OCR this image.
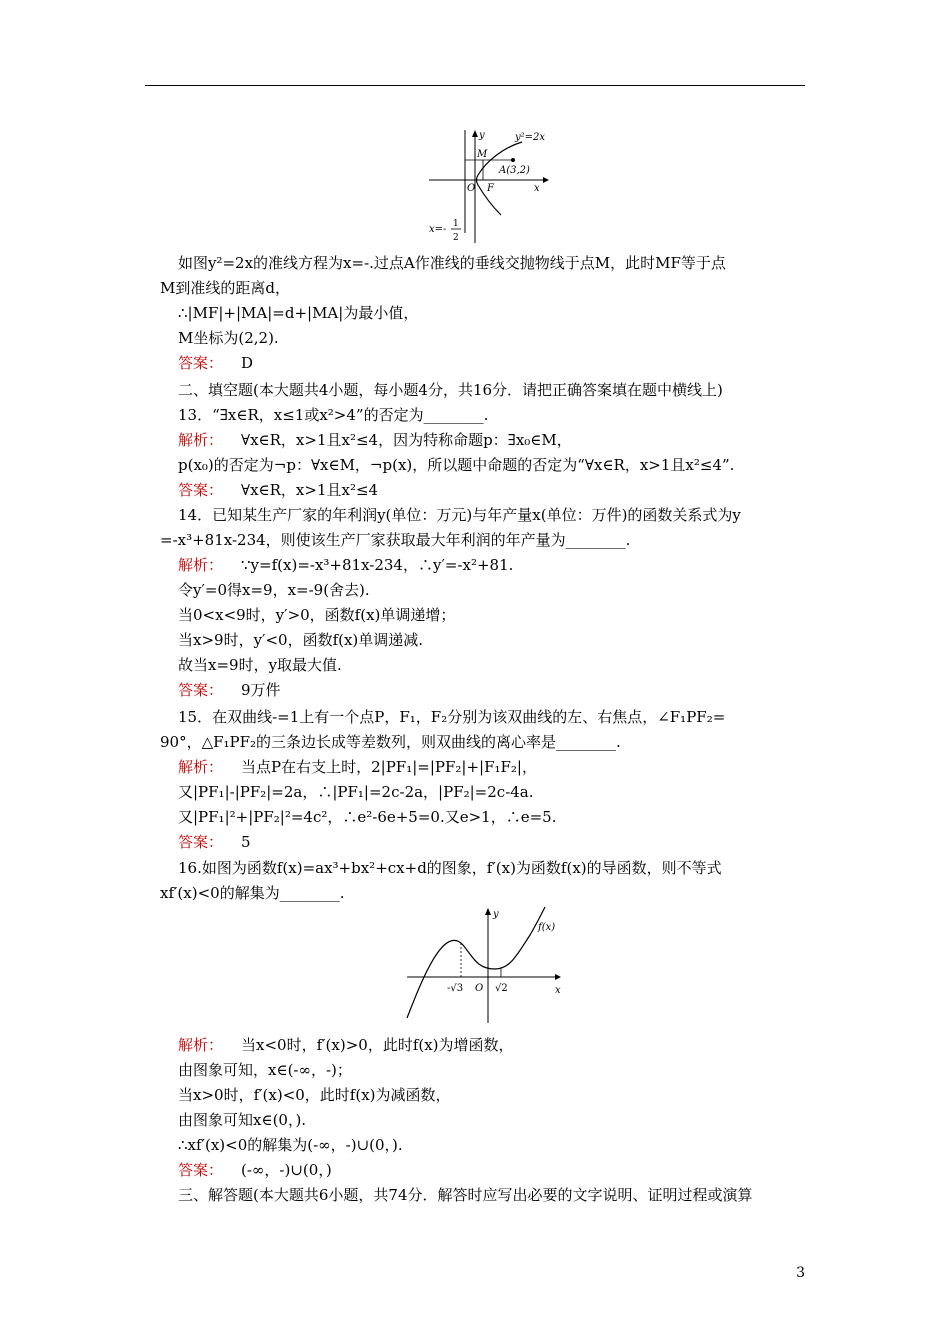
y²=2x
y
x
M
A(3,2)
O F
x=- 1
2
如图y²=2x的准线方程为x=-.过点A作准线的垂线交抛物线于点M，此时MF等于点
M到准线的距离d，
∴|MF|+|MA|=d+|MA|为最小值，
M坐标为(2,2).
答案： D
二、填空题(本大题共4小题，每小题4分，共16分．请把正确答案填在题中横线上)
13．“∃x∈R，x≤1或x²>4”的否定为________.
解析： ∀x∈R，x>1且x²≤4，因为特称命题p：∃x₀∈M，
p(x₀)的否定为¬p：∀x∈M，¬p(x)，所以题中命题的否定为“∀x∈R，x>1且x²≤4”.
答案： ∀x∈R，x>1且x²≤4
14．已知某生产厂家的年利润y(单位：万元)与年产量x(单位：万件)的函数关系式为y
=-x³+81x-234，则使该生产厂家获取最大年利润的年产量为________.
解析： ∵y=f(x)=-x³+81x-234，∴y′=-x²+81.
令y′=0得x=9，x=-9(舍去).
当0<x<9时，y′>0，函数f(x)单调递增；
当x>9时，y′<0，函数f(x)单调递减.
故当x=9时，y取最大值.
答案： 9万件
15．在双曲线-=1上有一个点P，F₁，F₂分别为该双曲线的左、右焦点，∠F₁PF₂=
90°，△F₁PF₂的三条边长成等差数列，则双曲线的离心率是________.
解析： 当点P在右支上时，2|PF₁|=|PF₂|+|F₁F₂|，
又|PF₁|-|PF₂|=2a，∴|PF₁|=2c-2a，|PF₂|=2c-4a.
又|PF₁|²+|PF₂|²=4c²，∴e²-6e+5=0.又e>1，∴e=5.
答案： 5
16.如图为函数f(x)=ax³+bx²+cx+d的图象，f′(x)为函数f(x)的导函数，则不等式
xf′(x)<0的解集为________.
解析： 当x<0时，f′(x)>0，此时f(x)为增函数，
由图象可知，x∈(-∞，-)；
当x>0时，f′(x)<0，此时f(x)为减函数，
由图象可知x∈(0，).
∴xf′(x)<0的解集为(-∞，-)∪(0，).
答案： (-∞，-)∪(0，)
三、解答题(本大题共6小题，共74分．解答时应写出必要的文字说明、证明过程或演算
f(x)
y
x
O
-√3	√2
3
